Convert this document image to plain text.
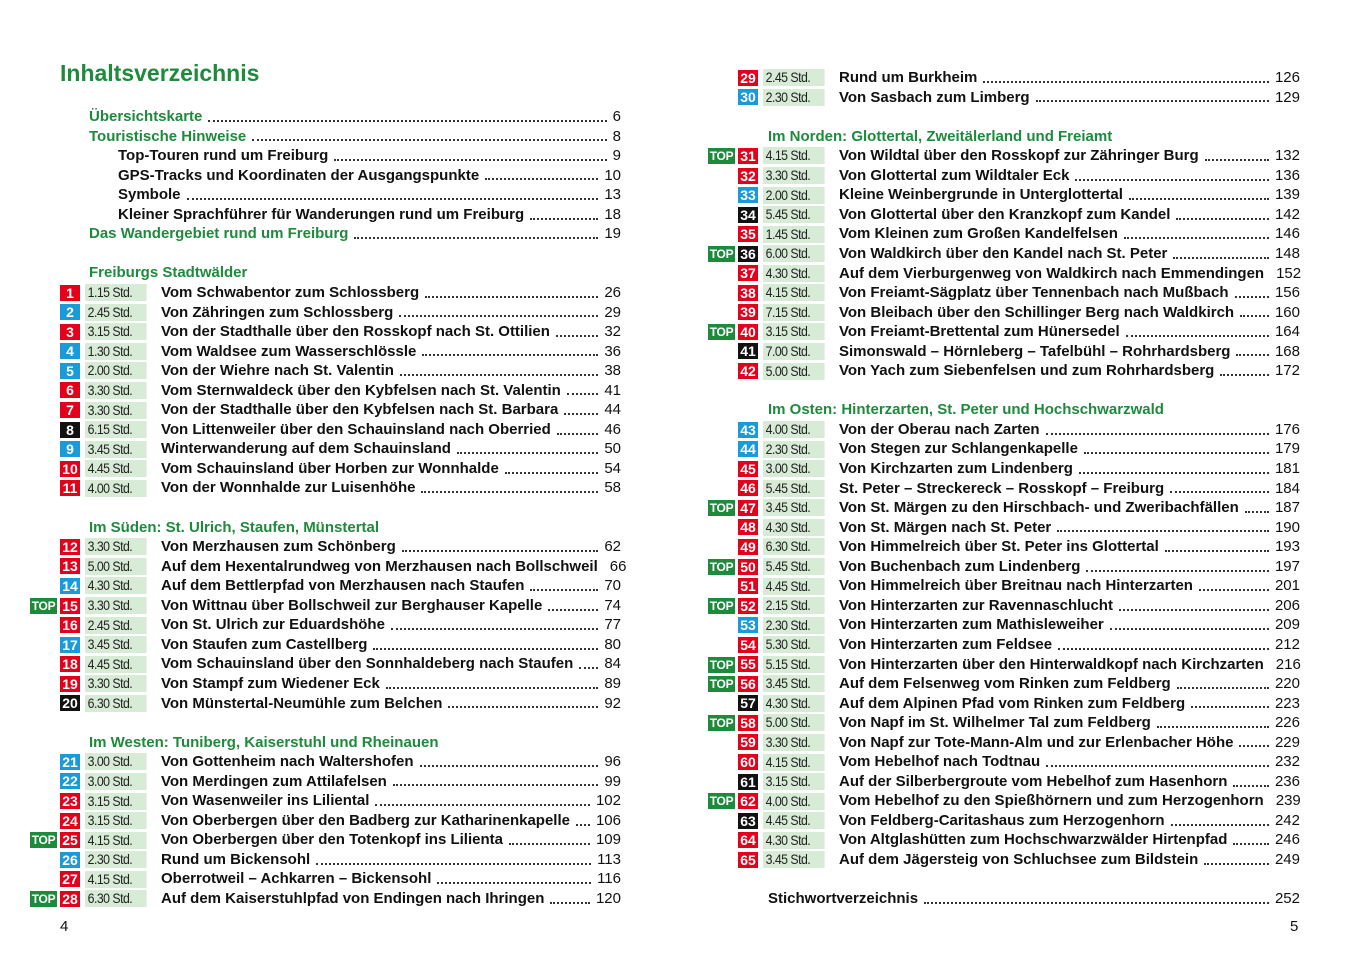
Inhaltsverzeichnis
Übersichtskarte	6
Touristische Hinweise	8
Top-Touren rund um Freiburg	9
GPS-Tracks und Koordinaten der Ausgangspunkte	10
Symbole	13
Kleiner Sprachführer für Wanderungen rund um Freiburg	18
Das Wandergebiet rund um Freiburg	19
Freiburgs Stadtwälder
1 1.15 Std.	Vom Schwabentor zum Schlossberg	26
2 2.45 Std.	Von Zähringen zum Schlossberg	29
3 3.15 Std.	Von der Stadthalle über den Rosskopf nach St. Ottilien	32
4 1.30 Std.	Vom Waldsee zum Wasserschlössle	36
5 2.00 Std.	Von der Wiehre nach St. Valentin	38
6 3.30 Std.	Vom Sternwaldeck über den Kybfelsen nach St. Valentin	41
7 3.30 Std.	Von der Stadthalle über den Kybfelsen nach St. Barbara	44
8 6.15 Std.	Von Littenweiler über den Schauinsland nach Oberried	46
9 3.45 Std.	Winterwanderung auf dem Schauinsland	50
10 4.45 Std.	Vom Schauinsland über Horben zur Wonnhalde	54
11 4.00 Std.	Von der Wonnhalde zur Luisenhöhe	58
Im Süden: St. Ulrich, Staufen, Münstertal
12 3.30 Std.	Von Merzhausen zum Schönberg	62
13 5.00 Std.	Auf dem Hexentalrundweg von Merzhausen nach Bollschweil 66
14 4.30 Std.	Auf dem Bettlerpfad von Merzhausen nach Staufen	70
TOP 15 3.30 Std.	Von Wittnau über Bollschweil zur Berghauser Kapelle	74
16 2.45 Std.	Von St. Ulrich zur Eduardshöhe	77
17 3.45 Std.	Von Staufen zum Castellberg	80
18 4.45 Std.	Vom Schauinsland über den Sonnhaldeberg nach Staufen 84
19 3.30 Std.	Von Stampf zum Wiedener Eck	89
20 6.30 Std.	Von Münstertal-Neumühle zum Belchen	92
Im Westen: Tuniberg, Kaiserstuhl und Rheinauen
21 3.00 Std.	Von Gottenheim nach Waltershofen	96
22 3.00 Std.	Von Merdingen zum Attilafelsen	99
23 3.15 Std.	Von Wasenweiler ins Liliental	102
24 3.15 Std.	Von Oberbergen über den Badberg zur Katharinenkapelle 106
TOP 25 4.15 Std.	Von Oberbergen über den Totenkopf ins Lilienta	109
26 2.30 Std.	Rund um Bickensohl	113
27 4.15 Std.	Oberrotweil – Achkarren – Bickensohl	116
TOP 28 6.30 Std.	Auf dem Kaiserstuhlpfad von Endingen nach Ihringen	120
4
29 2.45 Std.	Rund um Burkheim	126
30 2.30 Std.	Von Sasbach zum Limberg	129
Im Norden: Glottertal, Zweitälerland und Freiamt
TOP 31 4.15 Std.	Von Wildtal über den Rosskopf zur Zähringer Burg	132
32 3.30 Std.	Von Glottertal zum Wildtaler Eck	136
33 2.00 Std.	Kleine Weinbergrunde in Unterglottertal	139
34 5.45 Std.	Von Glottertal über den Kranzkopf zum Kandel	142
35 1.45 Std.	Vom Kleinen zum Großen Kandelfelsen	146
TOP 36 6.00 Std.	Von Waldkirch über den Kandel nach St. Peter	148
37 4.30 Std.	Auf dem Vierburgenweg von Waldkirch nach Emmendingen 152
38 4.15 Std.	Von Freiamt-Sägplatz über Tennenbach nach Mußbach	156
39 7.15 Std.	Von Bleibach über den Schillinger Berg nach Waldkirch	160
TOP 40 3.15 Std.	Von Freiamt-Brettental zum Hünersedel	164
41 7.00 Std.	Simonswald – Hörnleberg – Tafelbühl – Rohrhardsberg	168
42 5.00 Std.	Von Yach zum Siebenfelsen und zum Rohrhardsberg	172
Im Osten: Hinterzarten, St. Peter und Hochschwarzwald
43 4.00 Std.	Von der Oberau nach Zarten	176
44 2.30 Std.	Von Stegen zur Schlangenkapelle	179
45 3.00 Std.	Von Kirchzarten zum Lindenberg	181
46 5.45 Std.	St. Peter – Streckereck – Rosskopf – Freiburg	184
TOP 47 3.45 Std.	Von St. Märgen zu den Hirschbach- und Zweribachfällen 187
48 4.30 Std.	Von St. Märgen nach St. Peter	190
49 6.30 Std.	Von Himmelreich über St. Peter ins Glottertal	193
TOP 50 5.45 Std.	Von Buchenbach zum Lindenberg	197
51 4.45 Std.	Von Himmelreich über Breitnau nach Hinterzarten	201
TOP 52 2.15 Std.	Von Hinterzarten zur Ravennaschlucht	206
53 2.30 Std.	Von Hinterzarten zum Mathisleweiher	209
54 5.30 Std.	Von Hinterzarten zum Feldsee	212
TOP 55 5.15 Std.	Von Hinterzarten über den Hinterwaldkopf nach Kirchzarten 216
TOP 56 3.45 Std.	Auf dem Felsenweg vom Rinken zum Feldberg	220
57 4.30 Std.	Auf dem Alpinen Pfad vom Rinken zum Feldberg	223
TOP 58 5.00 Std.	Von Napf im St. Wilhelmer Tal zum Feldberg	226
59 3.30 Std.	Von Napf zur Tote-Mann-Alm und zur Erlenbacher Höhe	229
60 4.15 Std.	Vom Hebelhof nach Todtnau	232
61 3.15 Std.	Auf der Silberbergroute vom Hebelhof zum Hasenhorn	236
TOP 62 4.00 Std.	Vom Hebelhof zu den Spießhörnern und zum Herzogenhorn 239
63 4.45 Std.	Von Feldberg-Caritashaus zum Herzogenhorn	242
64 4.30 Std.	Von Altglashütten zum Hochschwarzwälder Hirtenpfad	246
65 3.45 Std.	Auf dem Jägersteig von Schluchsee zum Bildstein	249
Stichwortverzeichnis	252
5
